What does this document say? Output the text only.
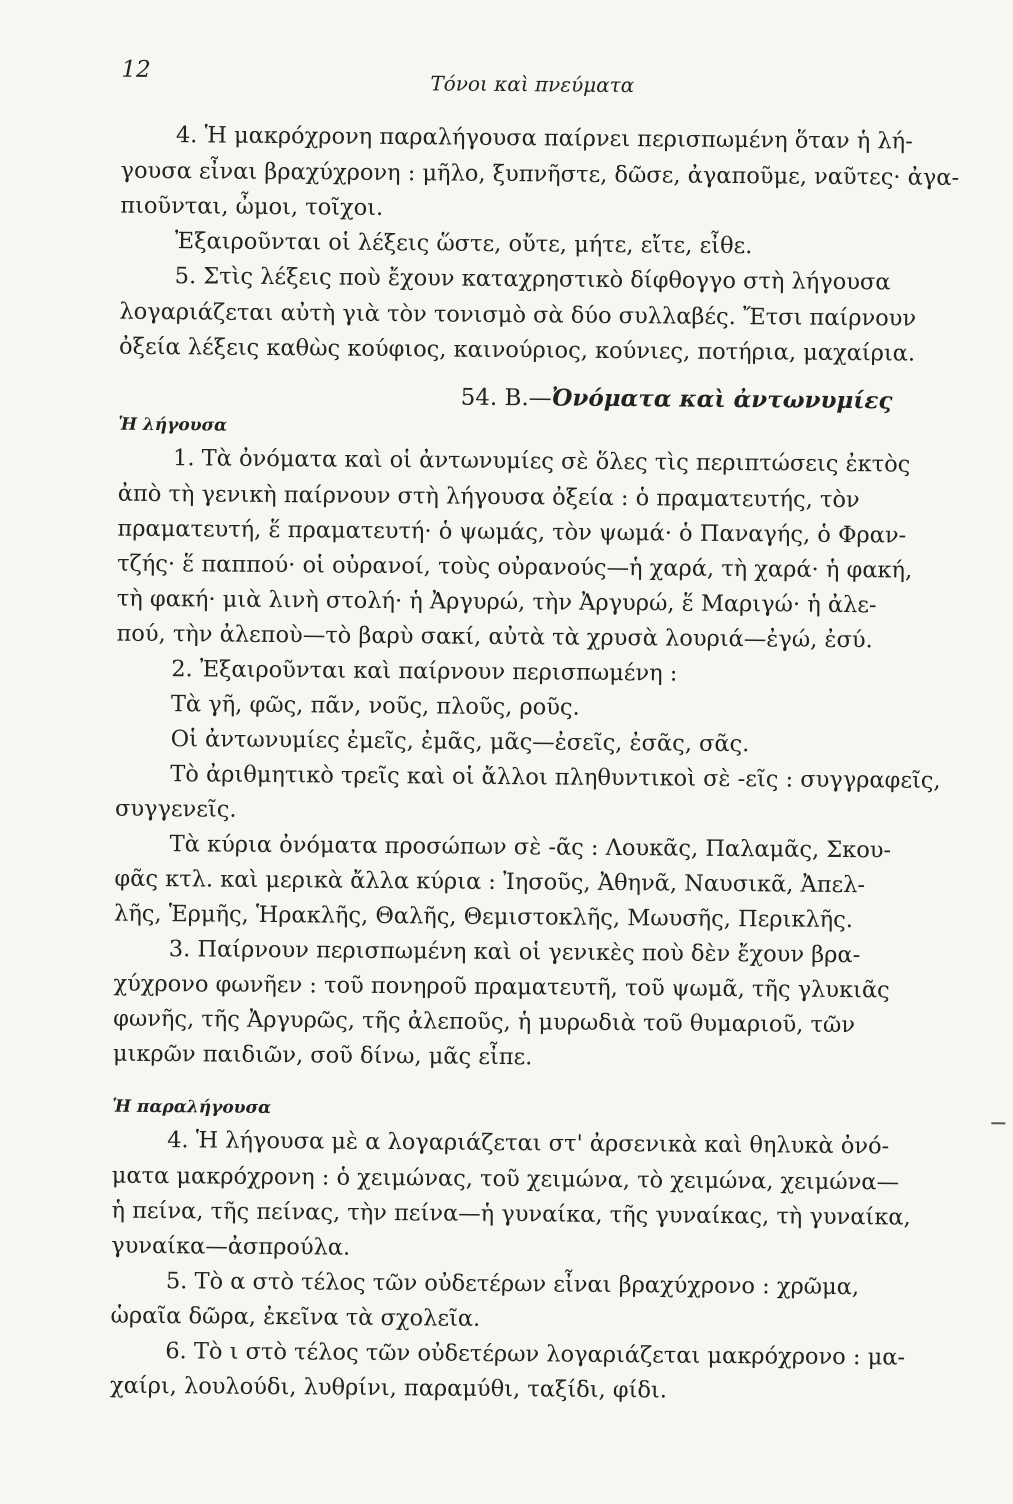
12
Τόνοι καὶ πνεύματα
4. Ἡ μακρόχρονη παραλήγουσα παίρνει περισπωμένη ὅταν ἡ λή-
γουσα εἶναι βραχύχρονη : μῆλο, ξυπνῆστε, δῶσε, ἀγαποῦμε, ναῦτες· ἀγα-
πιοῦνται, ὦμοι, τοῖχοι.
Ἐξαιροῦνται οἱ λέξεις ὥστε, οὔτε, μήτε, εἴτε, εἶθε.
5. Στὶς λέξεις ποὺ ἔχουν καταχρηστικὸ δίφθογγο στὴ λήγουσα
λογαριάζεται αὐτὴ γιὰ τὸν τονισμὸ σὰ δύο συλλαβές. Ἔτσι παίρνουν
ὀξεία λέξεις καθὼς κούφιος, καινούριος, κούνιες, ποτήρια, μαχαίρια.
54. Β.—Ὀνόματα καὶ ἀντωνυμίες
Ἡ λήγουσα
1. Τὰ ὀνόματα καὶ οἱ ἀντωνυμίες σὲ ὅλες τὶς περιπτώσεις ἐκτὸς
ἀπὸ τὴ γενικὴ παίρνουν στὴ λήγουσα ὀξεία : ὁ πραματευτής, τὸν
πραματευτή, ἕ πραματευτή· ὁ ψωμάς, τὸν ψωμά· ὁ Παναγής, ὁ Φραν-
τζής· ἕ παππού· οἱ οὐρανοί, τοὺς οὐρανούς—ἡ χαρά, τὴ χαρά· ἡ φακή,
τὴ φακή· μιὰ λινὴ στολή· ἡ Ἀργυρώ, τὴν Ἀργυρώ, ἕ Μαριγώ· ἡ ἀλε-
πού, τὴν ἀλεποὺ—τὸ βαρὺ σακί, αὐτὰ τὰ χρυσὰ λουριά—ἐγώ, ἐσύ.
2. Ἐξαιροῦνται καὶ παίρνουν περισπωμένη :
Τὰ γῆ, φῶς, πᾶν, νοῦς, πλοῦς, ροῦς.
Οἱ ἀντωνυμίες ἐμεῖς, ἐμᾶς, μᾶς—ἐσεῖς, ἐσᾶς, σᾶς.
Τὸ ἀριθμητικὸ τρεῖς καὶ οἱ ἄλλοι πληθυντικοὶ σὲ -εῖς : συγγραφεῖς,
συγγενεῖς.
Τὰ κύρια ὀνόματα προσώπων σὲ -ᾶς : Λουκᾶς, Παλαμᾶς, Σκου-
φᾶς κτλ. καὶ μερικὰ ἄλλα κύρια : Ἰησοῦς, Ἀθηνᾶ, Ναυσικᾶ, Ἀπελ-
λῆς, Ἑρμῆς, Ἡρακλῆς, Θαλῆς, Θεμιστοκλῆς, Μωυσῆς, Περικλῆς.
3. Παίρνουν περισπωμένη καὶ οἱ γενικὲς ποὺ δὲν ἔχουν βρα-
χύχρονο φωνῆεν : τοῦ πονηροῦ πραματευτῆ, τοῦ ψωμᾶ, τῆς γλυκιᾶς
φωνῆς, τῆς Ἀργυρῶς, τῆς ἀλεποῦς, ἡ μυρωδιὰ τοῦ θυμαριοῦ, τῶν
μικρῶν παιδιῶν, σοῦ δίνω, μᾶς εἶπε.
Ἡ παραλήγουσα
4. Ἡ λήγουσα μὲ α λογαριάζεται στ' ἀρσενικὰ καὶ θηλυκὰ ὀνό-
ματα μακρόχρονη : ὁ χειμώνας, τοῦ χειμώνα, τὸ χειμώνα, χειμώνα—
ἡ πείνα, τῆς πείνας, τὴν πείνα—ἡ γυναίκα, τῆς γυναίκας, τὴ γυναίκα,
γυναίκα—ἀσπρούλα.
5. Τὸ α στὸ τέλος τῶν οὐδετέρων εἶναι βραχύχρονο : χρῶμα,
ὡραῖα δῶρα, ἐκεῖνα τὰ σχολεῖα.
6. Τὸ ι στὸ τέλος τῶν οὐδετέρων λογαριάζεται μακρόχρονο : μα-
χαίρι, λουλούδι, λυθρίνι, παραμύθι, ταξίδι, φίδι.
